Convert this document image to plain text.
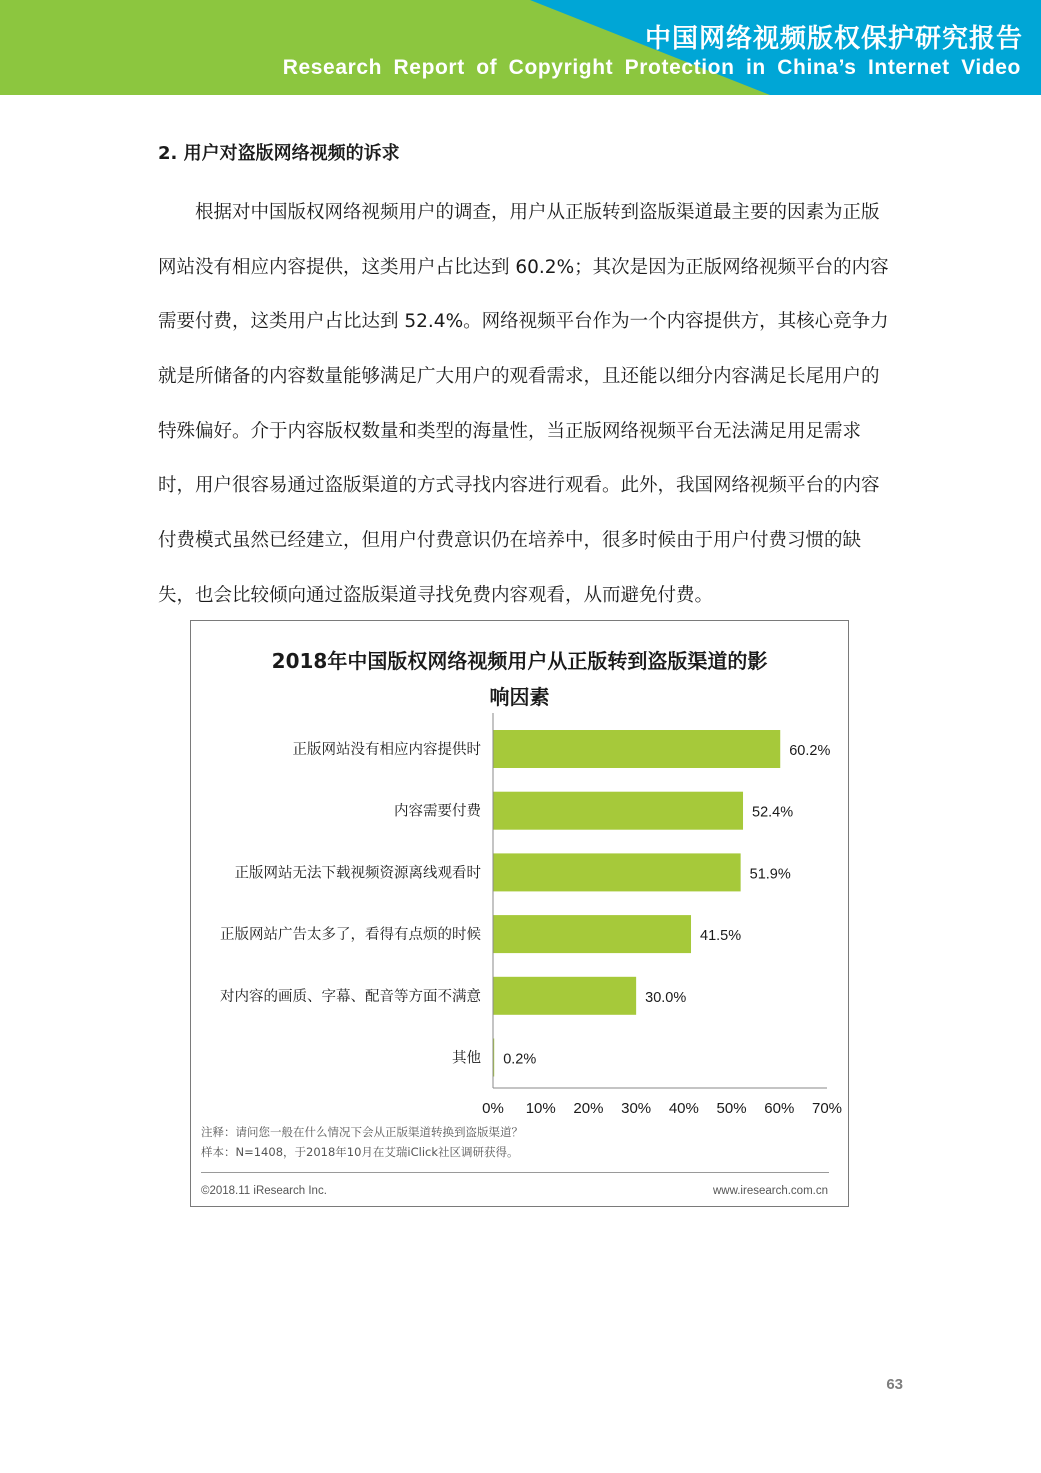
中国网络视频版权保护研究报告
Research Report of Copyright Protection in China’s Internet Video
2. 用户对盗版网络视频的诉求
根据对中国版权网络视频用户的调查，用户从正版转到盗版渠道最主要的因素为正版
网站没有相应内容提供，这类用户占比达到 60.2%；其次是因为正版网络视频平台的内容
需要付费，这类用户占比达到 52.4%。网络视频平台作为一个内容提供方，其核心竞争力
就是所储备的内容数量能够满足广大用户的观看需求，且还能以细分内容满足长尾用户的
特殊偏好。介于内容版权数量和类型的海量性，当正版网络视频平台无法满足用足需求
时，用户很容易通过盗版渠道的方式寻找内容进行观看。此外，我国网络视频平台的内容
付费模式虽然已经建立，但用户付费意识仍在培养中，很多时候由于用户付费习惯的缺
失，也会比较倾向通过盗版渠道寻找免费内容观看，从而避免付费。
2018年中国版权网络视频用户从正版转到盗版渠道的影
响因素
正版网站没有相应内容提供时	60.2%
内容需要付费	52.4%
正版网站无法下载视频资源离线观看时	51.9%
正版网站广告太多了，看得有点烦的时候	41.5%
对内容的画质、字幕、配音等方面不满意	30.0%
其他 0.2%
0% 10% 20% 30% 40% 50% 60% 70%
注释：请问您一般在什么情况下会从正版渠道转换到盗版渠道？
样本：N=1408，于2018年10月在艾瑞iClick社区调研获得。
©2018.11 iResearch Inc.	www.iresearch.com.cn
63
